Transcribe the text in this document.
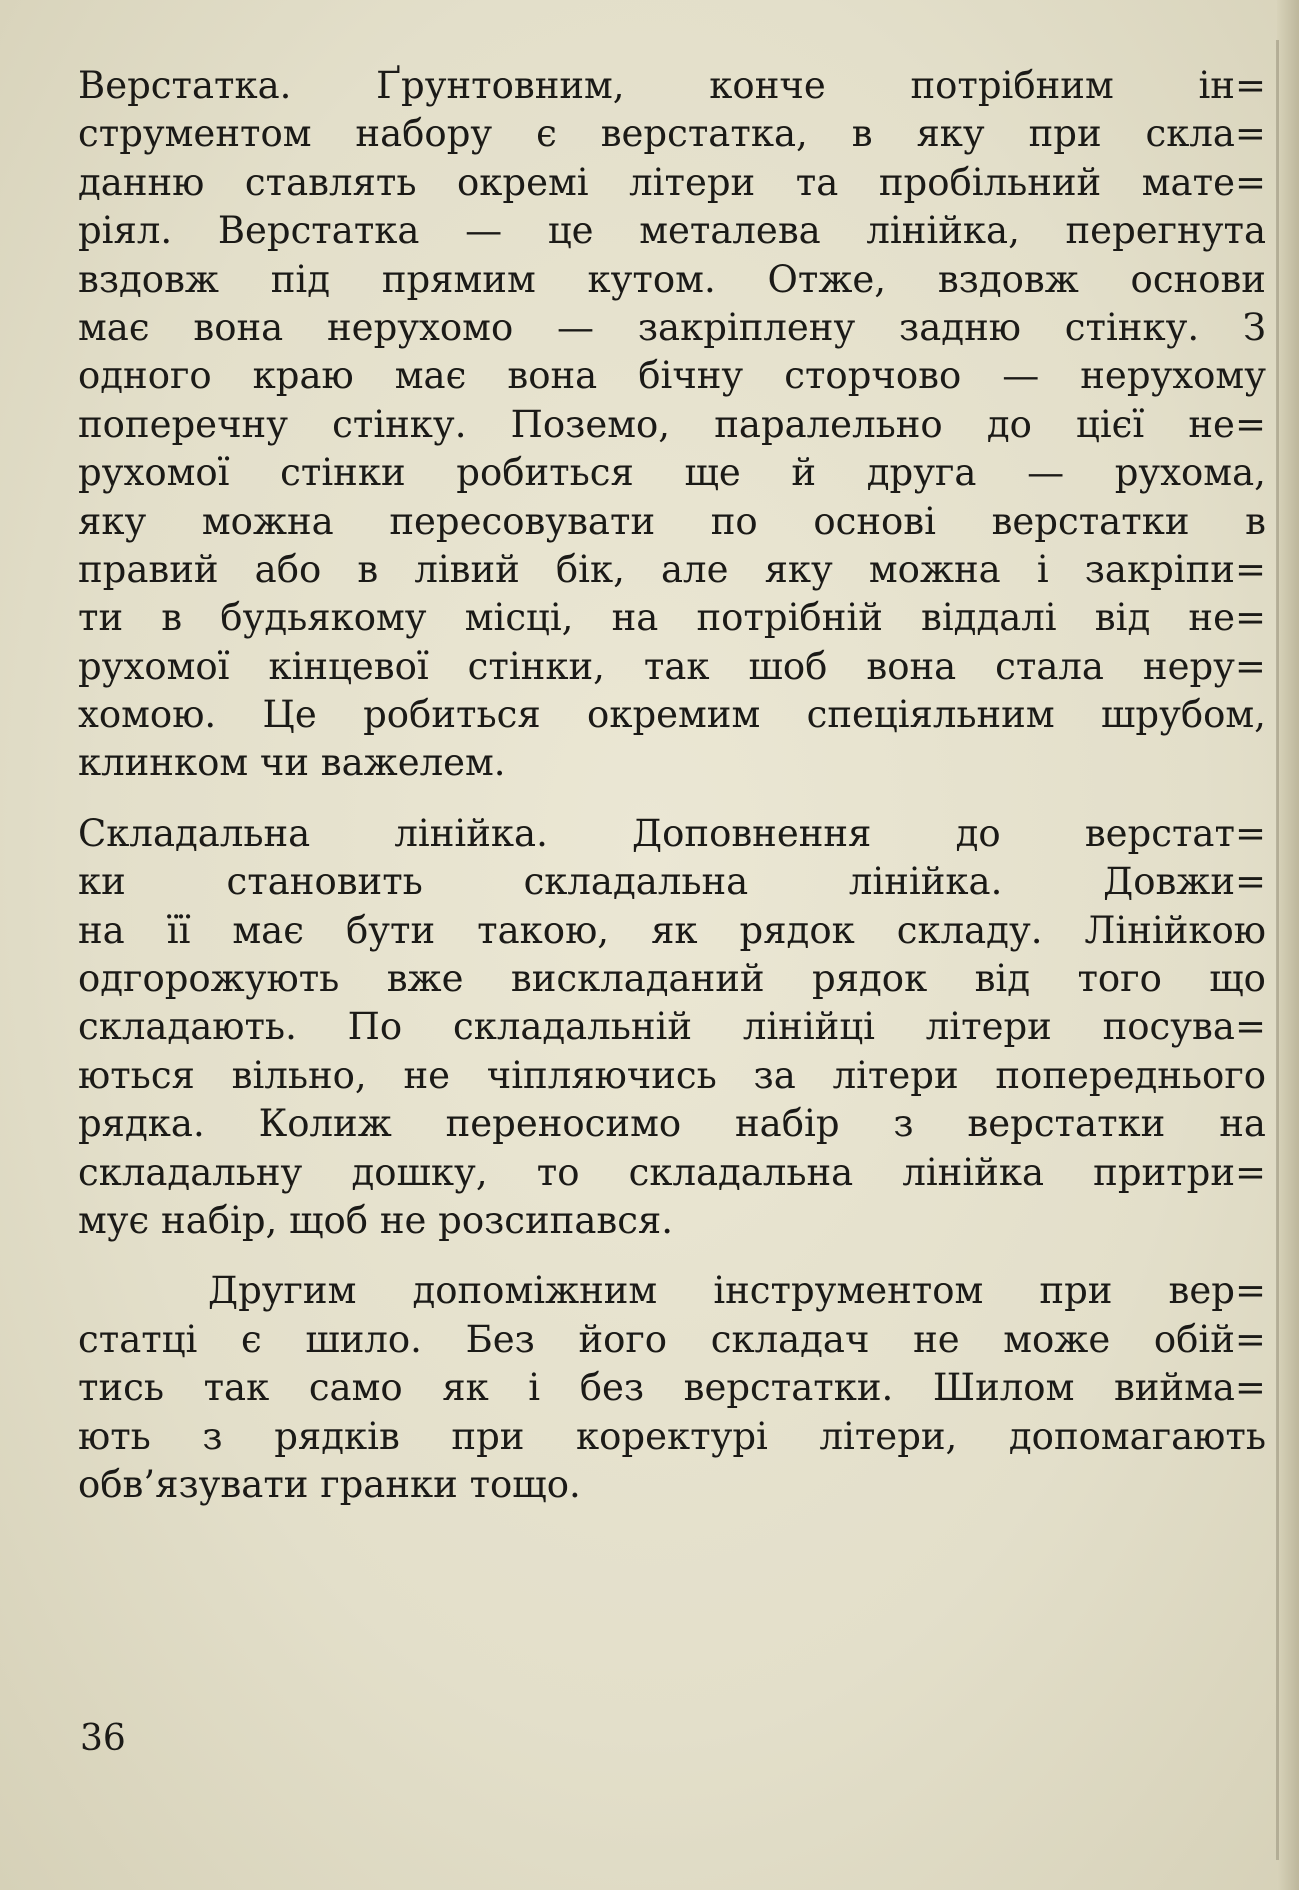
Верстатка. Ґрунтовним, конче потрібним ін=
струментом набору є верстатка, в яку при скла=
данню ставлять окремі літери та пробільний мате=
ріял. Верстатка — це металева лінійка, перегнута
вздовж під прямим кутом. Отже, вздовж основи
має вона нерухомо — закріплену задню стінку. З
одного краю має вона бічну сторчово — нерухому
поперечну стінку. Поземо, паралельно до цієї не=
рухомої стінки робиться ще й друга — рухома,
яку можна пересовувати по основі верстатки в
правий або в лівий бік, але яку можна і закріпи=
ти в будьякому місці, на потрібній віддалі від не=
рухомої кінцевої стінки, так шоб вона стала неру=
хомою. Це робиться окремим спеціяльним шрубом,
клинком чи важелем.
Складальна лінійка. Доповнення до верстат=
ки	становить	складальна	лінійка.	Довжи=
на її має бути такою, як рядок складу. Лінійкою
одгорожують вже вискладаний рядок від того що
складають. По складальній лінійці літери посува=
ються вільно, не чіпляючись за літери попереднього
рядка. Колиж переносимо набір з верстатки на
складальну дошку, то складальна лінійка притри=
мує набір, щоб не розсипався.
Другим допоміжним інструментом при вер=
статці є шило. Без його складач не може обій=
тись так само як і без верстатки. Шилом вийма=
ють з рядків при коректурі літери, допомагають
обв’язувати гранки тощо.
36
